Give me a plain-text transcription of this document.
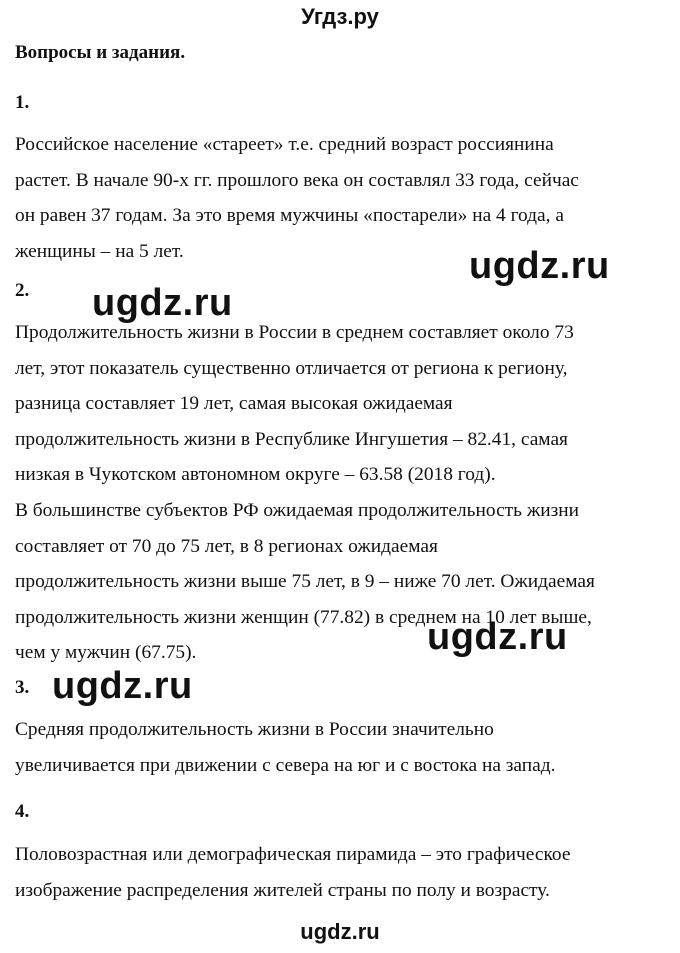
Угдз.ру
Вопросы и задания.
1.
Российское население «стареет» т.е. средний возраст россиянина
растет. В начале 90-х гг. прошлого века он составлял 33 года, сейчас
он равен 37 годам. За это время мужчины «постарели» на 4 года, а
женщины – на 5 лет.
2.
Продолжительность жизни в России в среднем составляет около 73
лет, этот показатель существенно отличается от региона к региону,
разница составляет 19 лет, самая высокая ожидаемая
продолжительность жизни в Республике Ингушетия – 82.41, самая
низкая в Чукотском автономном округе – 63.58 (2018 год).
В большинстве субъектов РФ ожидаемая продолжительность жизни
составляет от 70 до 75 лет, в 8 регионах ожидаемая
продолжительность жизни выше 75 лет, в 9 – ниже 70 лет. Ожидаемая
продолжительность жизни женщин (77.82) в среднем на 10 лет выше,
чем у мужчин (67.75).
3.
Средняя продолжительность жизни в России значительно
увеличивается при движении с севера на юг и с востока на запад.
4.
Половозрастная или демографическая пирамида – это графическое
изображение распределения жителей страны по полу и возрасту.
ugdz.ru
ugdz.ru
ugdz.ru
ugdz.ru
ugdz.ru
